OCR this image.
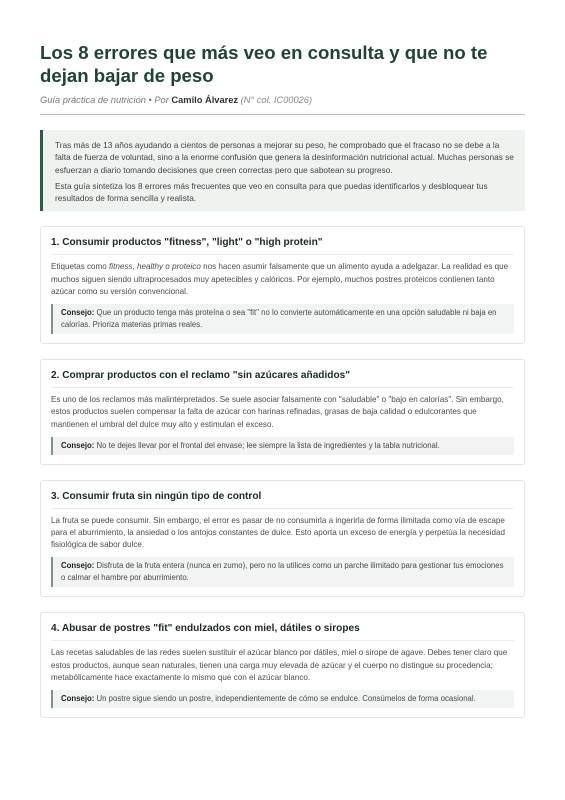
Los 8 errores que más veo en consulta y que no te dejan bajar de peso
Guía práctica de nutrición • Por Camilo Álvarez (N° col. IC00026)

Tras más de 13 años ayudando a cientos de personas a mejorar su peso, he comprobado que el fracaso no se debe a la falta de fuerza de voluntad, sino a la enorme confusión que genera la desinformación nutricional actual. Muchas personas se esfuerzan a diario tomando decisiones que creen correctas pero que sabotean su progreso.

Esta guía sintetiza los 8 errores más frecuentes que veo en consulta para que puedas identificarlos y desbloquear tus resultados de forma sencilla y realista.

1. Consumir productos "fitness", "light" o "high protein"
Etiquetas como fitness, healthy o proteico nos hacen asumir falsamente que un alimento ayuda a adelgazar. La realidad es que muchos siguen siendo ultraprocesados muy apetecibles y calóricos. Por ejemplo, muchos postres proteicos contienen tanto azúcar como su versión convencional.
Consejo: Que un producto tenga más proteína o sea "fit" no lo convierte automáticamente en una opción saludable ni baja en calorías. Prioriza materias primas reales.
2. Comprar productos con el reclamo "sin azúcares añadidos"
Es uno de los reclamos más malinterpretados. Se suele asociar falsamente con "saludable" o "bajo en calorías". Sin embargo, estos productos suelen compensar la falta de azúcar con harinas refinadas, grasas de baja calidad o edulcorantes que mantienen el umbral del dulce muy alto y estimulan el exceso.
Consejo: No te dejes llevar por el frontal del envase; lee siempre la lista de ingredientes y la tabla nutricional.
3. Consumir fruta sin ningún tipo de control
La fruta se puede consumir. Sin embargo, el error es pasar de no consumirla a ingerirla de forma ilimitada como vía de escape para el aburrimiento, la ansiedad o los antojos constantes de dulce. Esto aporta un exceso de energía y perpetúa la necesidad fisiológica de sabor dulce.
Consejo: Disfruta de la fruta entera (nunca en zumo), pero no la utilices como un parche ilimitado para gestionar tus emociones o calmar el hambre por aburrimiento.
4. Abusar de postres "fit" endulzados con miel, dátiles o siropes
Las recetas saludables de las redes suelen sustituir el azúcar blanco por dátiles, miel o sirope de agave. Debes tener claro que estos productos, aunque sean naturales, tienen una carga muy elevada de azúcar y el cuerpo no distingue su procedencia; metabólicamente hace exactamente lo mismo que con el azúcar blanco.
Consejo: Un postre sigue siendo un postre, independientemente de cómo se endulce. Consúmelos de forma ocasional.
